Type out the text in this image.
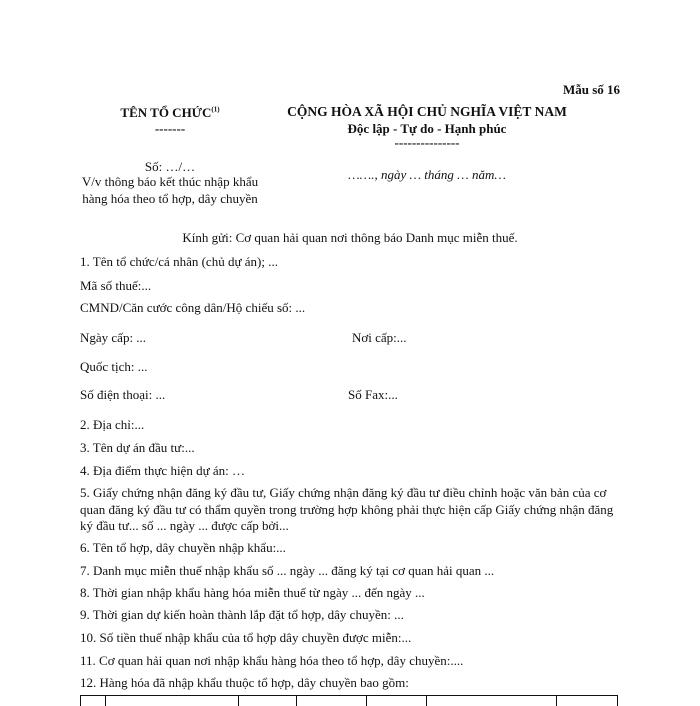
Mẫu số 16
TÊN TỔ CHỨC$^{(1)}$
-------
CỘNG HÒA XÃ HỘI CHỦ NGHĨA VIỆT NAM
Độc lập - Tự do - Hạnh phúc
---------------
Số: …/…
V/v thông báo kết thúc nhập khẩu hàng hóa theo tổ hợp, dây chuyền
……., ngày … tháng … năm…
Kính gửi: Cơ quan hải quan nơi thông báo Danh mục miễn thuế.
1. Tên tổ chức/cá nhân (chủ dự án); ...
Mã số thuế:...
CMND/Căn cước công dân/Hộ chiếu số: ...
Ngày cấp: ...	Nơi cấp:...
Quốc tịch: ...
Số điện thoại: ...	Số Fax:...
2. Địa chỉ:...
3. Tên dự án đầu tư:...
4. Địa điểm thực hiện dự án: …
5. Giấy chứng nhận đăng ký đầu tư, Giấy chứng nhận đăng ký đầu tư điều chỉnh hoặc văn bản của cơ quan đăng ký đầu tư có thẩm quyền trong trường hợp không phải thực hiện cấp Giấy chứng nhận đăng ký đầu tư... số ... ngày ... được cấp bởi...
6. Tên tổ hợp, dây chuyền nhập khẩu:...
7. Danh mục miễn thuế nhập khẩu số ... ngày ... đăng ký tại cơ quan hải quan ...
8. Thời gian nhập khẩu hàng hóa miễn thuế từ ngày ... đến ngày ...
9. Thời gian dự kiến hoàn thành lắp đặt tổ hợp, dây chuyền: ...
10. Số tiền thuế nhập khẩu của tổ hợp dây chuyền được miễn:...
11. Cơ quan hải quan nơi nhập khẩu hàng hóa theo tổ hợp, dây chuyền:....
12. Hàng hóa đã nhập khẩu thuộc tổ hợp, dây chuyền bao gồm:
